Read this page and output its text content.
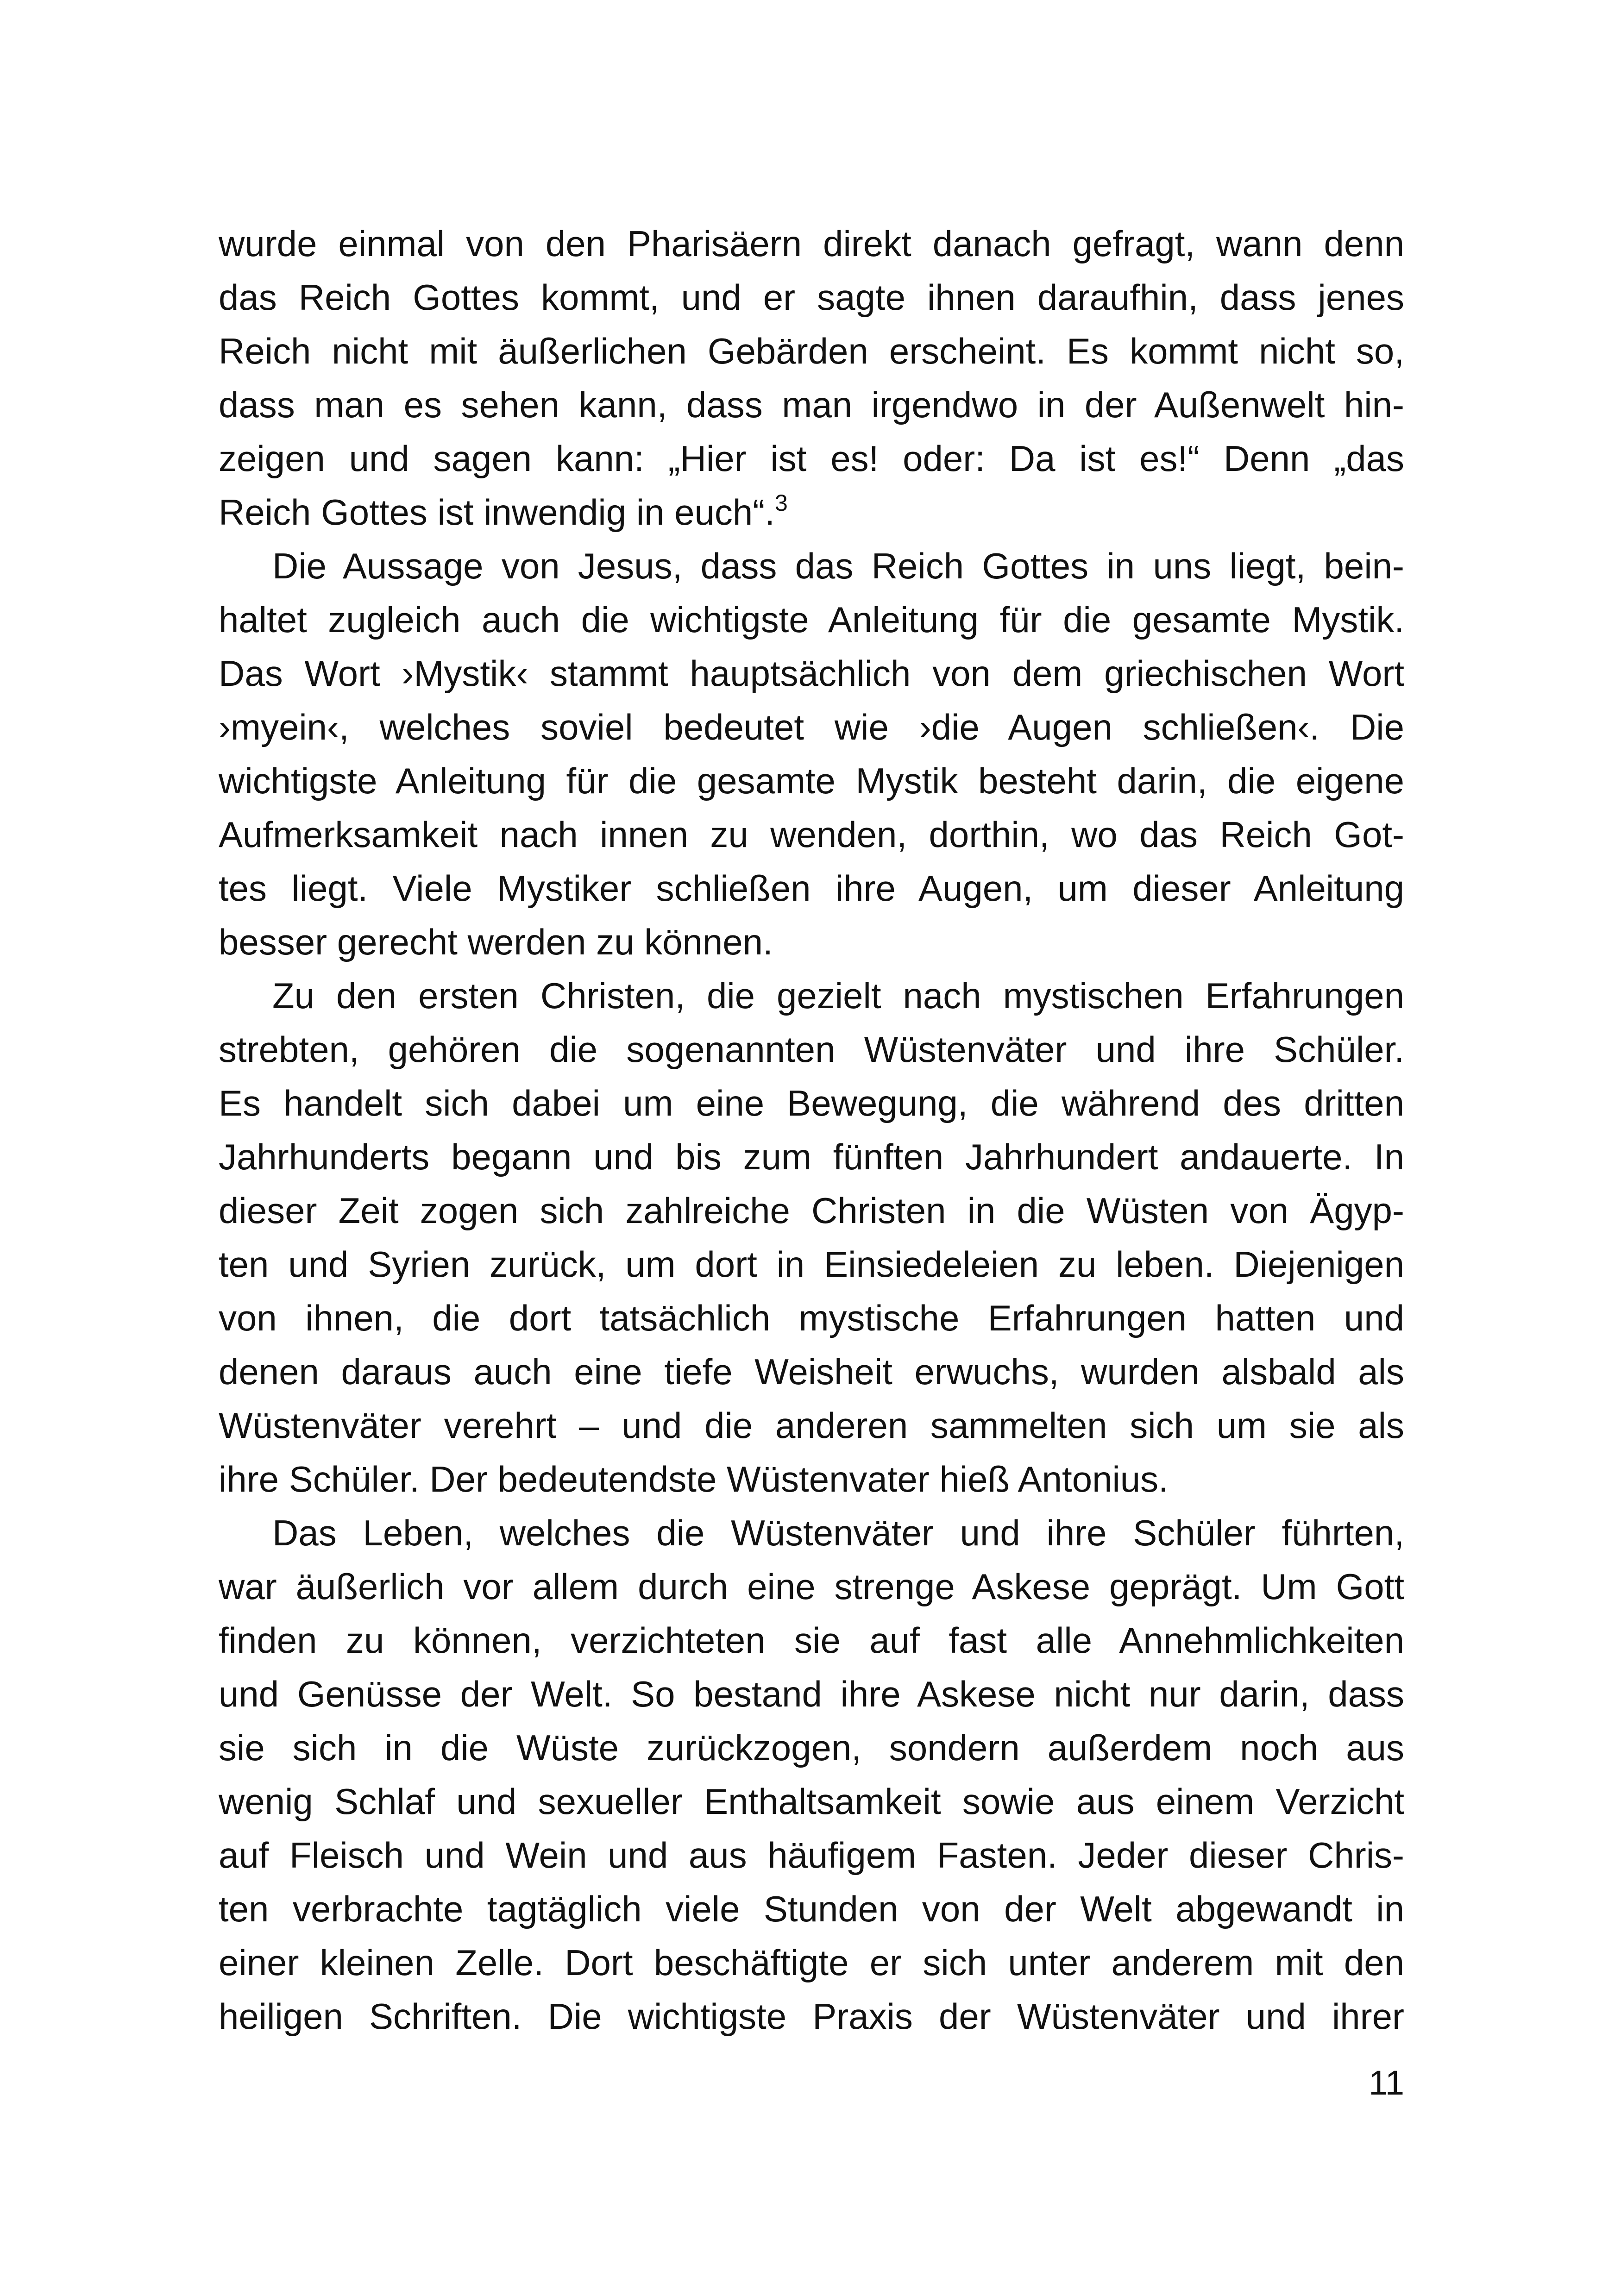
wurde einmal von den Pharisäern direkt danach gefragt, wann denn
das Reich Gottes kommt, und er sagte ihnen daraufhin, dass jenes
Reich nicht mit äußerlichen Gebärden erscheint. Es kommt nicht so,
dass man es sehen kann, dass man irgendwo in der Außenwelt hin-
zeigen und sagen kann: „Hier ist es! oder: Da ist es!“ Denn „das
Reich Gottes ist inwendig in euch“.$^3$
Die Aussage von Jesus, dass das Reich Gottes in uns liegt, bein-
haltet zugleich auch die wichtigste Anleitung für die gesamte Mystik.
Das Wort ›Mystik‹ stammt hauptsächlich von dem griechischen Wort
›myein‹, welches soviel bedeutet wie ›die Augen schließen‹. Die
wichtigste Anleitung für die gesamte Mystik besteht darin, die eigene
Aufmerksamkeit nach innen zu wenden, dorthin, wo das Reich Got-
tes liegt. Viele Mystiker schließen ihre Augen, um dieser Anleitung
besser gerecht werden zu können.
Zu den ersten Christen, die gezielt nach mystischen Erfahrungen
strebten, gehören die sogenannten Wüstenväter und ihre Schüler.
Es handelt sich dabei um eine Bewegung, die während des dritten
Jahrhunderts begann und bis zum fünften Jahrhundert andauerte. In
dieser Zeit zogen sich zahlreiche Christen in die Wüsten von Ägyp-
ten und Syrien zurück, um dort in Einsiedeleien zu leben. Diejenigen
von ihnen, die dort tatsächlich mystische Erfahrungen hatten und
denen daraus auch eine tiefe Weisheit erwuchs, wurden alsbald als
Wüstenväter verehrt – und die anderen sammelten sich um sie als
ihre Schüler. Der bedeutendste Wüstenvater hieß Antonius.
Das Leben, welches die Wüstenväter und ihre Schüler führten,
war äußerlich vor allem durch eine strenge Askese geprägt. Um Gott
finden zu können, verzichteten sie auf fast alle Annehmlichkeiten
und Genüsse der Welt. So bestand ihre Askese nicht nur darin, dass
sie sich in die Wüste zurückzogen, sondern außerdem noch aus
wenig Schlaf und sexueller Enthaltsamkeit sowie aus einem Verzicht
auf Fleisch und Wein und aus häufigem Fasten. Jeder dieser Chris-
ten verbrachte tagtäglich viele Stunden von der Welt abgewandt in
einer kleinen Zelle. Dort beschäftigte er sich unter anderem mit den
heiligen Schriften. Die wichtigste Praxis der Wüstenväter und ihrer
11
